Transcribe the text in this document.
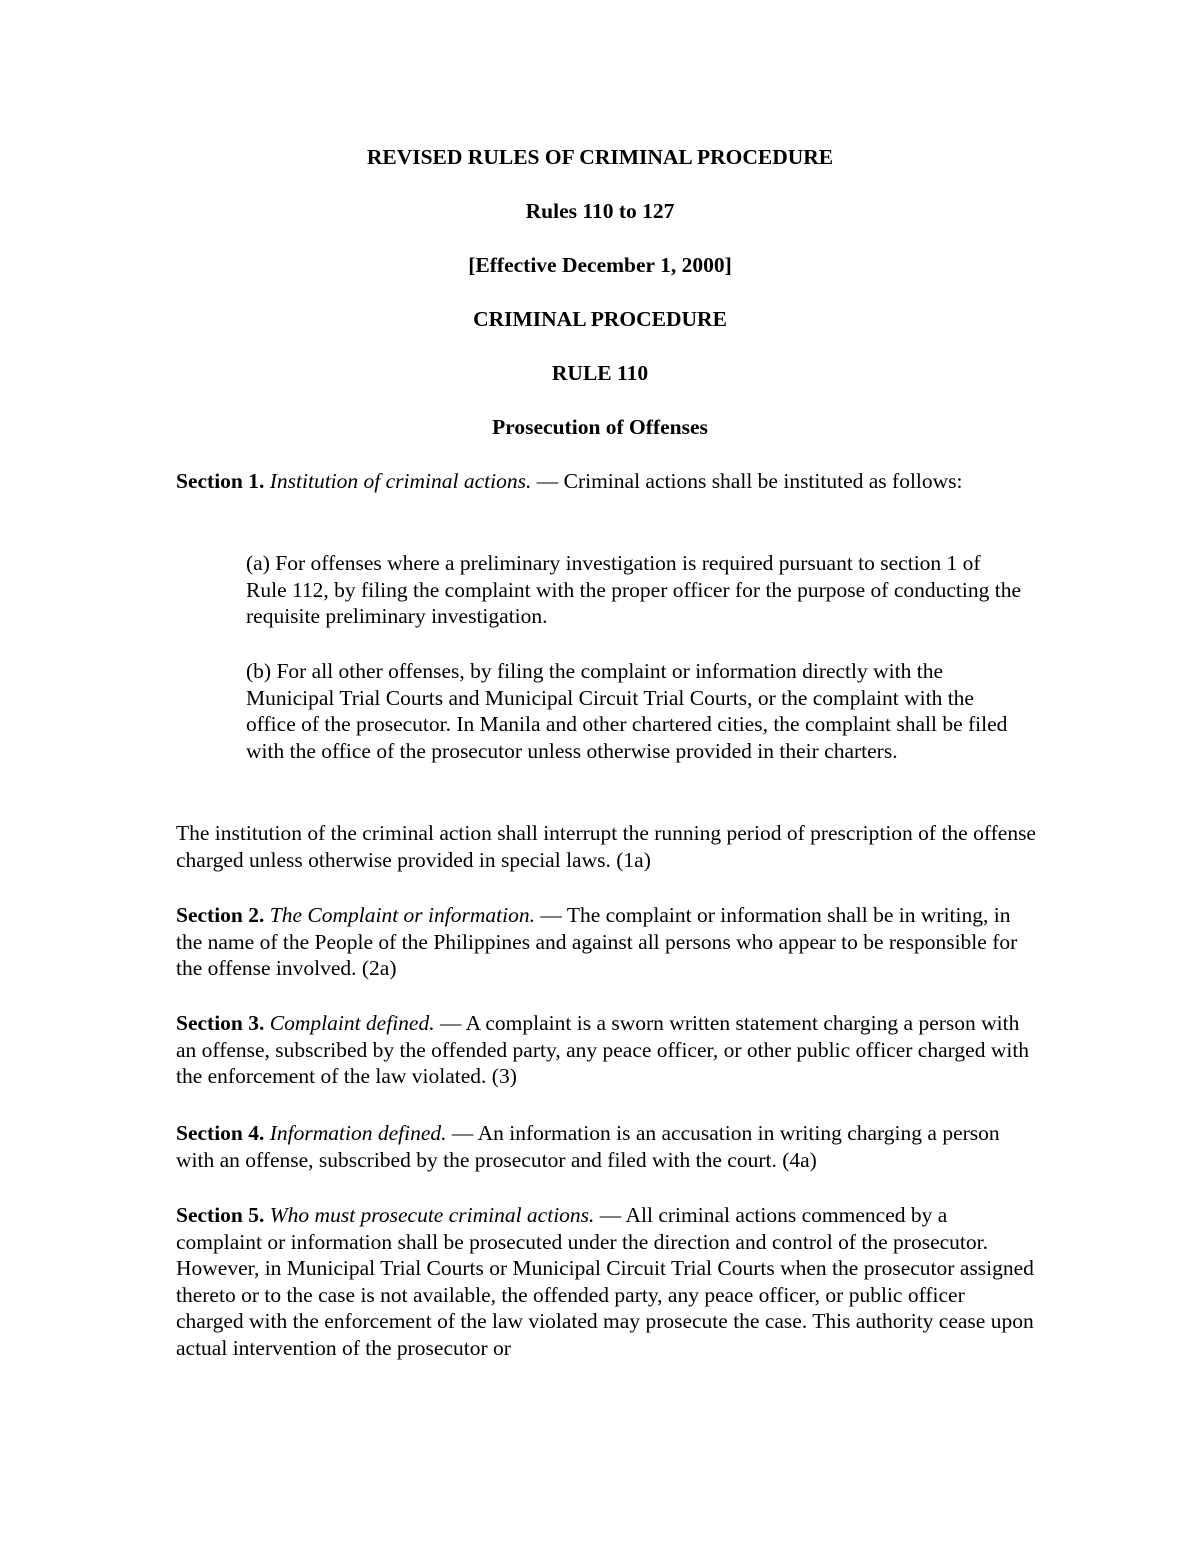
REVISED RULES OF CRIMINAL PROCEDURE
Rules 110 to 127
[Effective December 1, 2000]
CRIMINAL PROCEDURE
RULE 110
Prosecution of Offenses

Section 1. Institution of criminal actions. — Criminal actions shall be instituted as follows:

(a) For offenses where a preliminary investigation is required pursuant to section 1 of Rule 112, by filing the complaint with the proper officer for the purpose of conducting the requisite preliminary investigation.

(b) For all other offenses, by filing the complaint or information directly with the Municipal Trial Courts and Municipal Circuit Trial Courts, or the complaint with the office of the prosecutor. In Manila and other chartered cities, the complaint shall be filed with the office of the prosecutor unless otherwise provided in their charters.

The institution of the criminal action shall interrupt the running period of prescription of the offense charged unless otherwise provided in special laws. (1a)

Section 2. The Complaint or information. — The complaint or information shall be in writing, in the name of the People of the Philippines and against all persons who appear to be responsible for the offense involved. (2a)

Section 3. Complaint defined. — A complaint is a sworn written statement charging a person with an offense, subscribed by the offended party, any peace officer, or other public officer charged with the enforcement of the law violated. (3)

Section 4. Information defined. — An information is an accusation in writing charging a person with an offense, subscribed by the prosecutor and filed with the court. (4a)

Section 5. Who must prosecute criminal actions. — All criminal actions commenced by a complaint or information shall be prosecuted under the direction and control of the prosecutor. However, in Municipal Trial Courts or Municipal Circuit Trial Courts when the prosecutor assigned thereto or to the case is not available, the offended party, any peace officer, or public officer charged with the enforcement of the law violated may prosecute the case. This authority cease upon actual intervention of the prosecutor or
